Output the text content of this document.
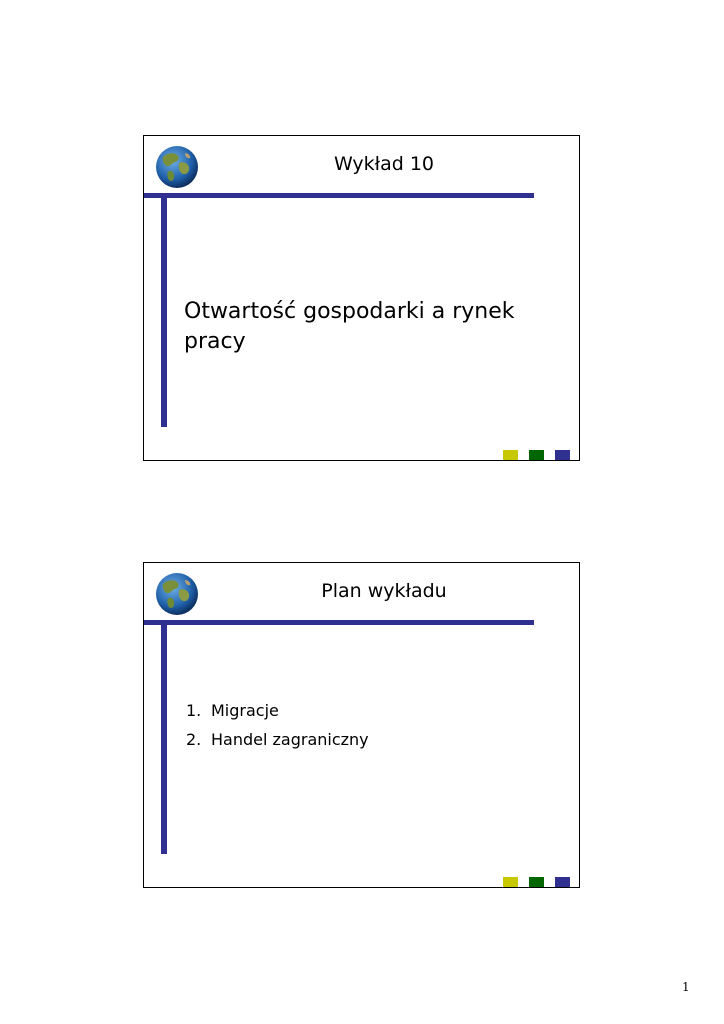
Wykład 10
Otwartość gospodarki a rynek
pracy
Plan wykładu
1. Migracje
2. Handel zagraniczny
1
